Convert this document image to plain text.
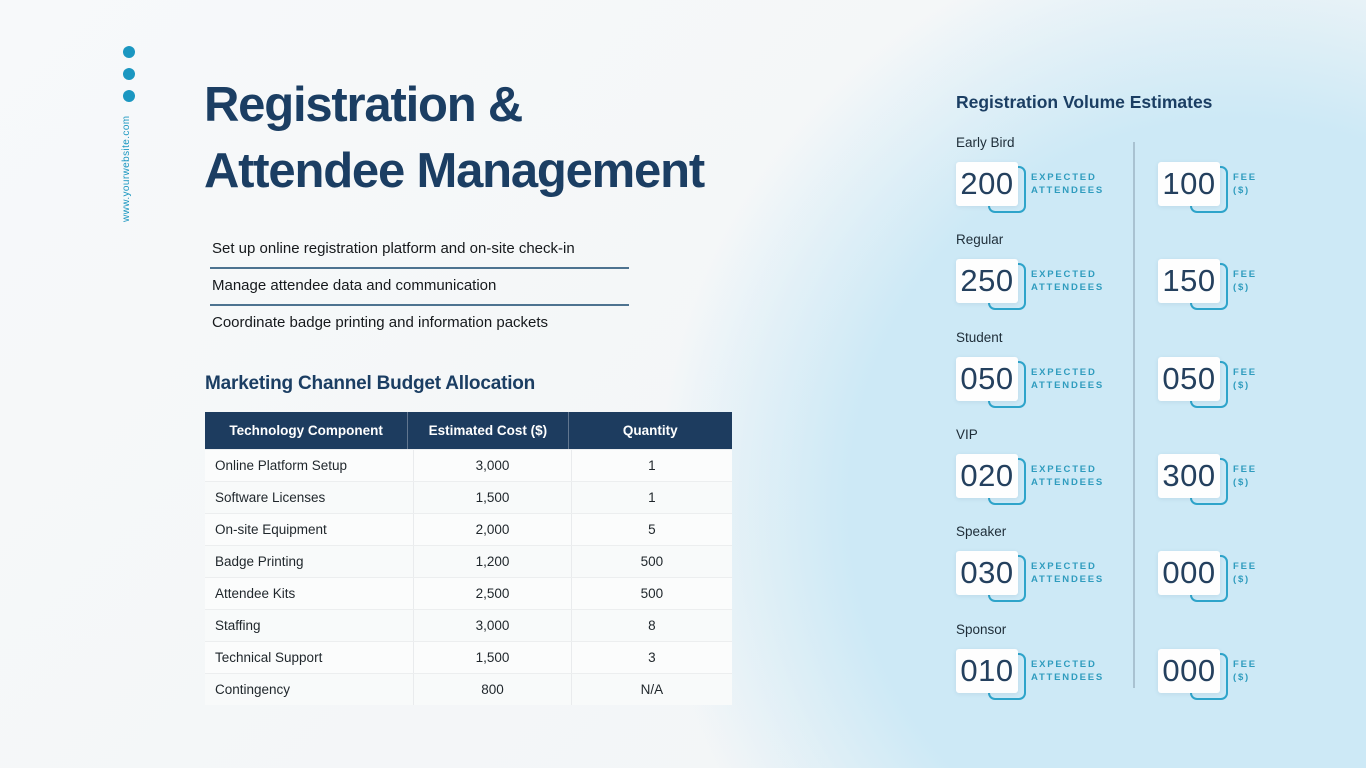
www.yourwebsite.com
Registration &
Attendee Management
Set up online registration platform and on-site check-in
Manage attendee data and communication
Coordinate badge printing and information packets
Marketing Channel Budget Allocation
Technology Component	Estimated Cost ($)	Quantity
Online Platform Setup	3,000	1
Software Licenses	1,500	1
On-site Equipment	2,000	5
Badge Printing	1,200	500
Attendee Kits	2,500	500
Staffing	3,000	8
Technical Support	1,500	3
Contingency	800	N/A
Registration Volume Estimates
Early Bird
200	EXPECTED ATTENDEES	100	FEE ($)
Regular
250	EXPECTED ATTENDEES	150	FEE ($)
Student
050	EXPECTED ATTENDEES	050	FEE ($)
VIP
020	EXPECTED ATTENDEES	300	FEE ($)
Speaker
030	EXPECTED ATTENDEES	000	FEE ($)
Sponsor
010	EXPECTED ATTENDEES	000	FEE ($)
